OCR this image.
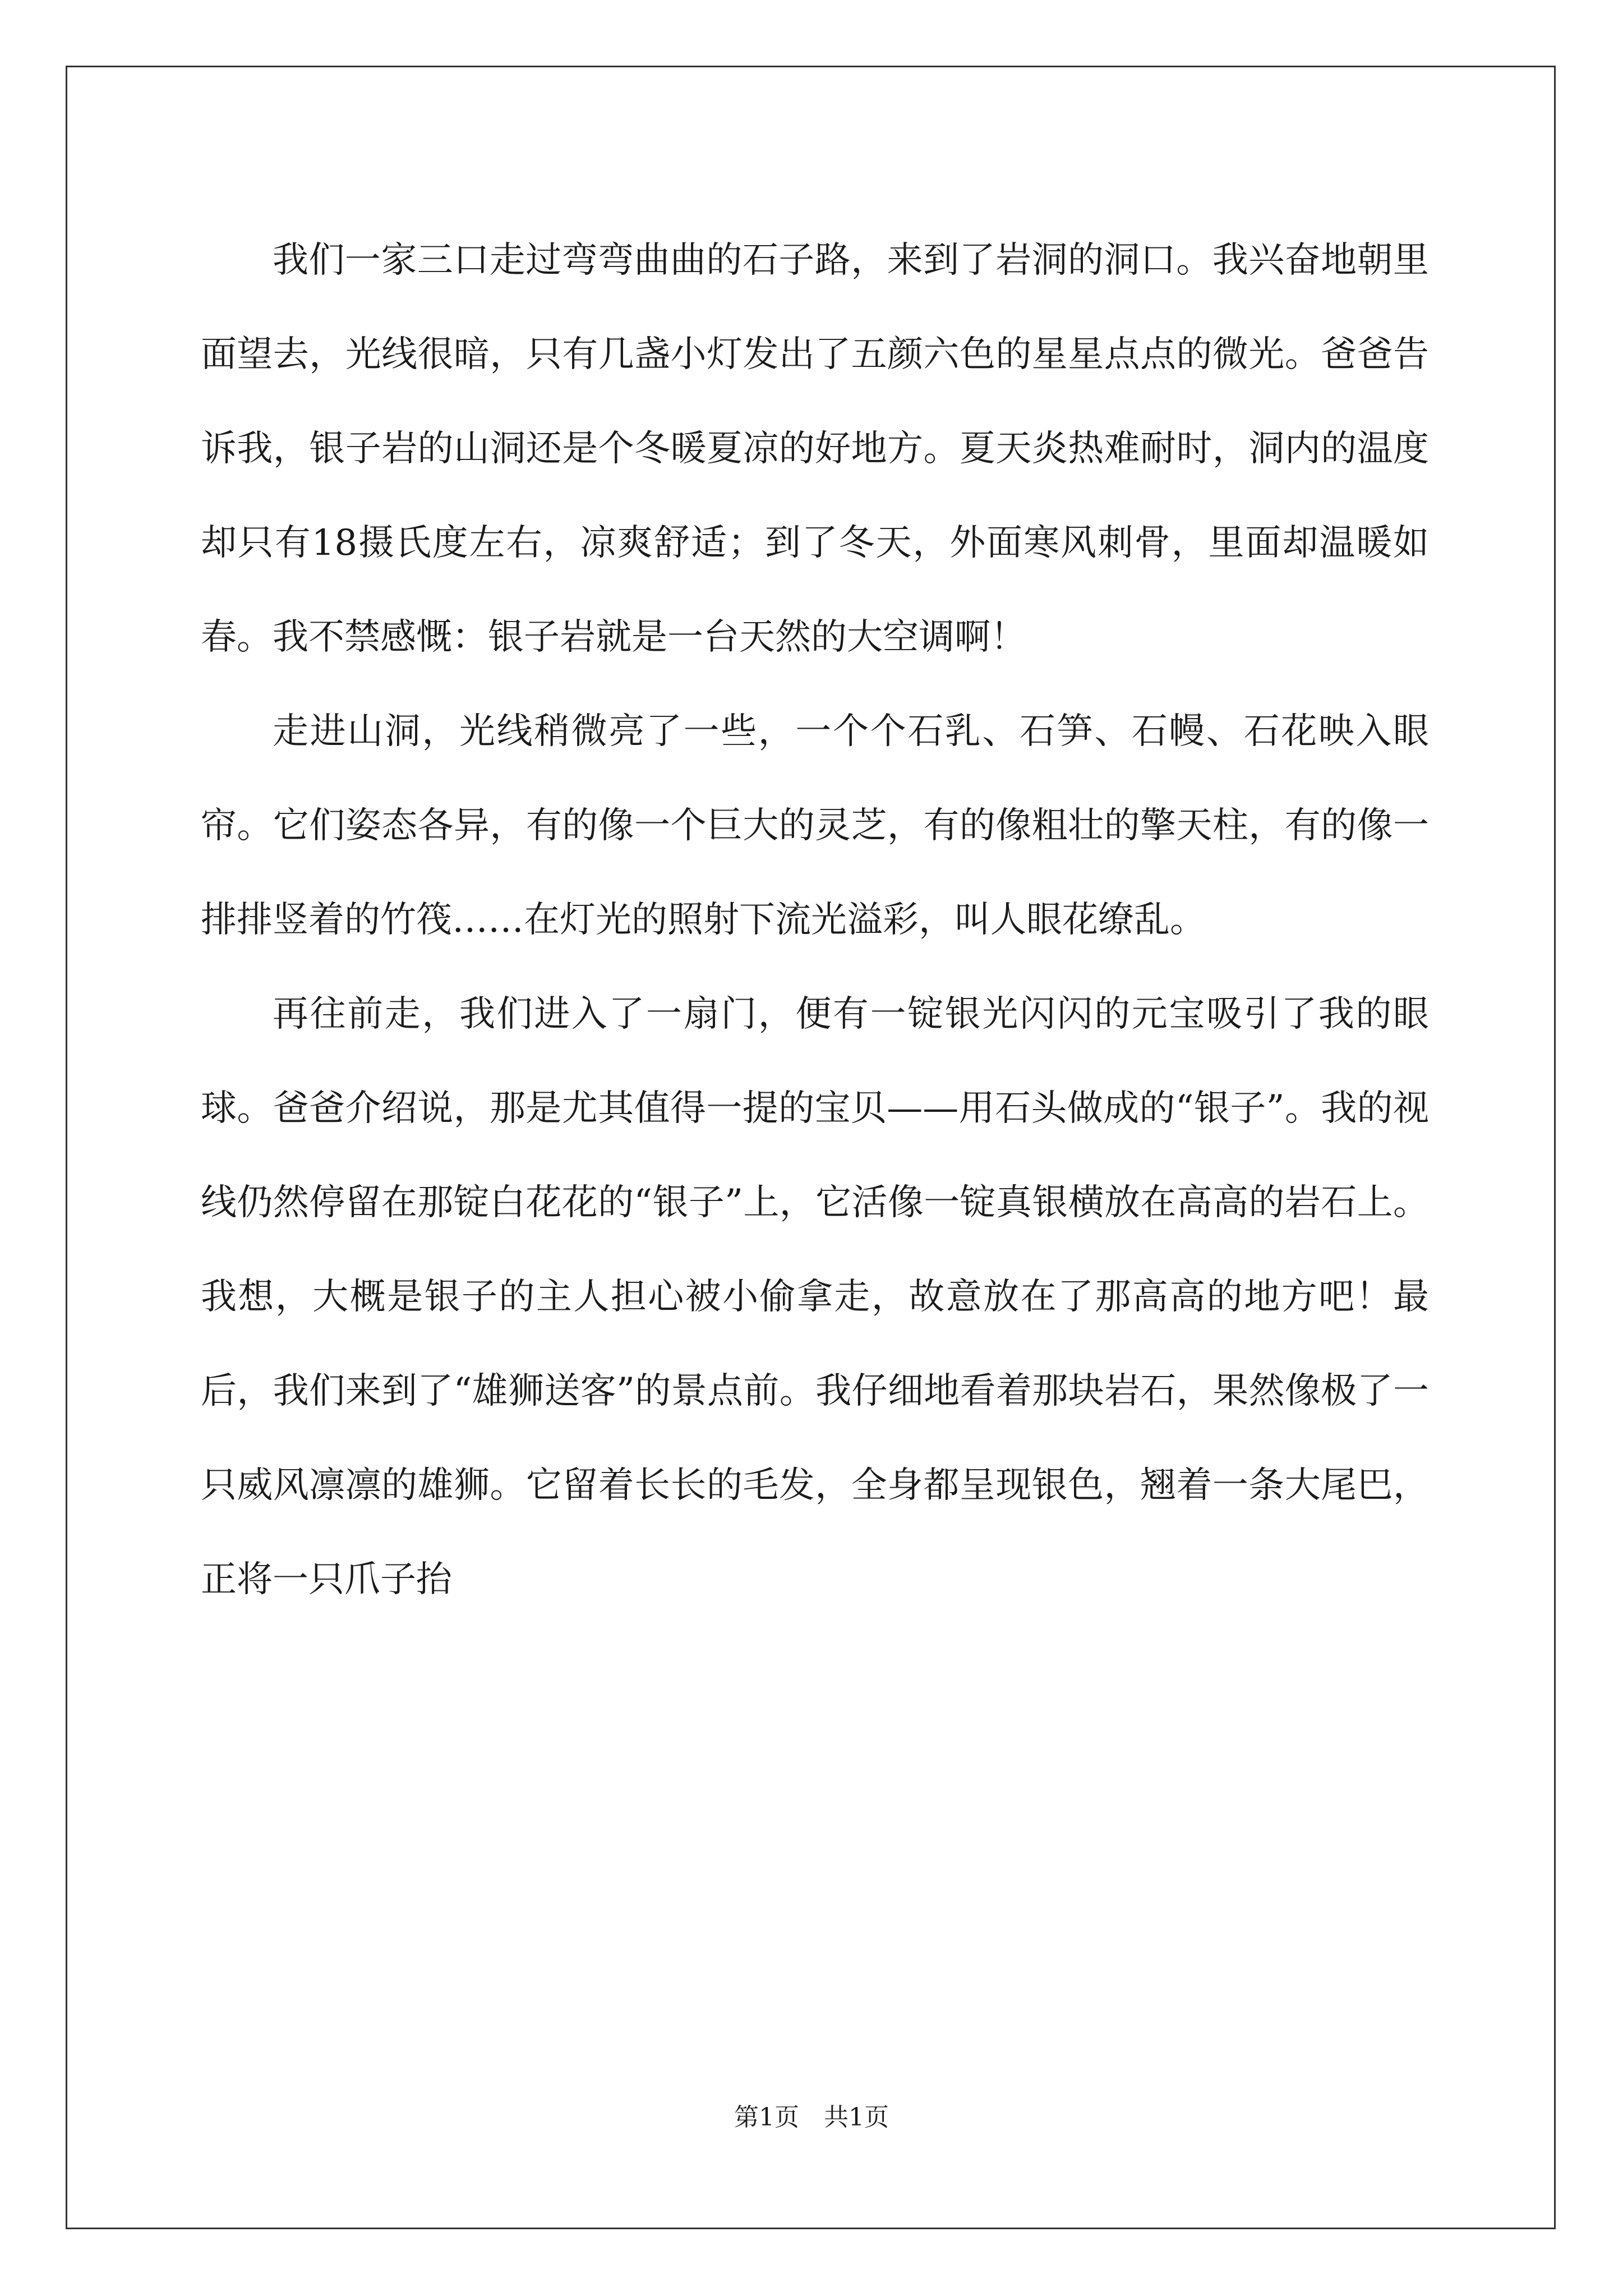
我们一家三口走过弯弯曲曲的石子路，来到了岩洞的洞口。我兴奋地朝里面望去，光线很暗，只有几盏小灯发出了五颜六色的星星点点的微光。爸爸告诉我，银子岩的山洞还是个冬暖夏凉的好地方。夏天炎热难耐时，洞内的温度却只有18摄氏度左右，凉爽舒适；到了冬天，外面寒风刺骨，里面却温暖如春。我不禁感慨：银子岩就是一台天然的大空调啊！

走进山洞，光线稍微亮了一些，一个个石乳、石笋、石幔、石花映入眼帘。它们姿态各异，有的像一个巨大的灵芝，有的像粗壮的擎天柱，有的像一排排竖着的竹筏……在灯光的照射下流光溢彩，叫人眼花缭乱。

再往前走，我们进入了一扇门，便有一锭银光闪闪的元宝吸引了我的眼球。爸爸介绍说，那是尤其值得一提的宝贝——用石头做成的“银子”。我的视线仍然停留在那锭白花花的“银子”上，它活像一锭真银横放在高高的岩石上。我想，大概是银子的主人担心被小偷拿走，故意放在了那高高的地方吧！最后，我们来到了“雄狮送客”的景点前。我仔细地看着那块岩石，果然像极了一只威风凛凛的雄狮。它留着长长的毛发，全身都呈现银色，翘着一条大尾巴，正将一只爪子抬

第1页 共1页
